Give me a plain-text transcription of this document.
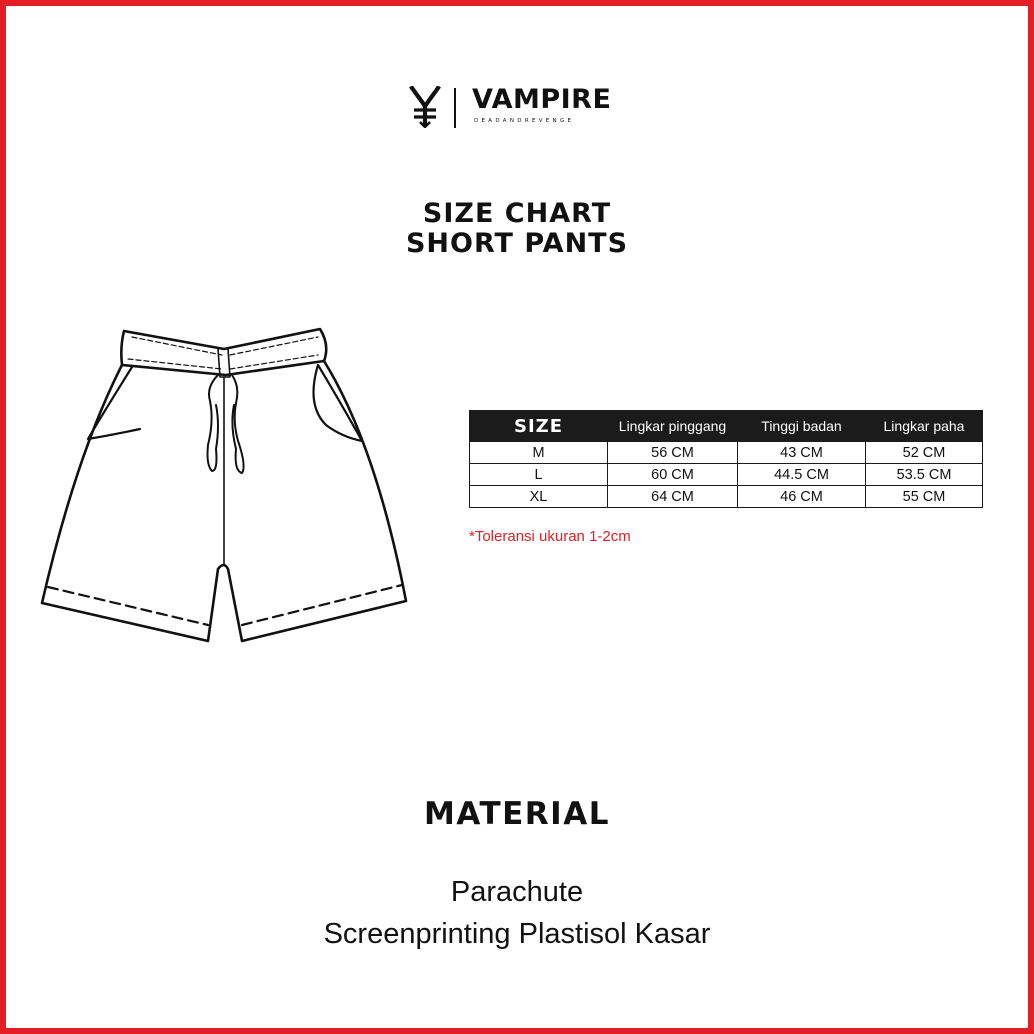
VAMPIRE
DEADANDREVENGE
SIZE CHART
SHORT PANTS
SIZE	Lingkar pinggang	Tinggi badan	Lingkar paha
M	56 CM	43 CM	52 CM
L	60 CM	44.5 CM	53.5 CM
XL	64 CM	46 CM	55 CM
*Toleransi ukuran 1-2cm
MATERIAL
Parachute
Screenprinting Plastisol Kasar
